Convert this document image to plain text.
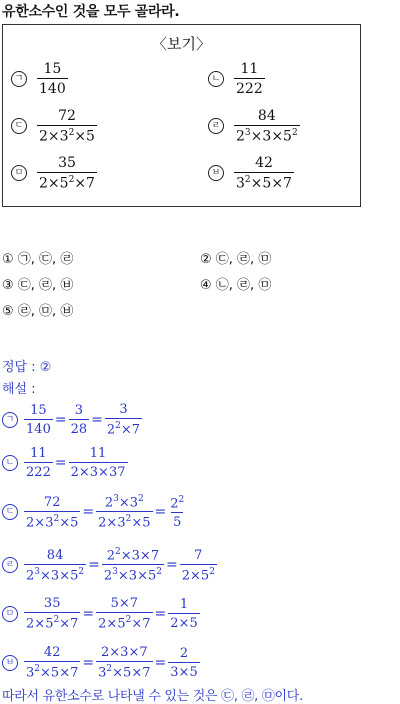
유한소수인 것을 모두 골라라.
〈보기〉
ㄱ $\frac{15}{140}$	ㄴ $\frac{11}{222}$
ㄷ $\frac{72}{2\times 3^2\times 5}$	ㄹ $\frac{84}{2^3\times 3\times 5^2}$
ㅁ $\frac{35}{2\times 5^2\times 7}$	ㅂ $\frac{42}{3^2\times 5\times 7}$
① ㉠, ㉢, ㉣	② ㉢, ㉣, ㉤
③ ㉢, ㉣, ㉥	④ ㉡, ㉣, ㉤
⑤ ㉣, ㉤, ㉥
정답 : ②
해설 :
ㄱ $\frac{15}{140} = \frac{3}{28} = \frac{3}{2^2\times 7}$
ㄴ $\frac{11}{222} = \frac{11}{2\times 3\times 37}$
ㄷ $\frac{72}{2\times 3^2\times 5} = \frac{2^3\times 3^2}{2\times 3^2\times 5} = \frac{2^2}{5}$
ㄹ $\frac{84}{2^3\times 3\times 5^2} = \frac{2^2\times 3\times 7}{2^3\times 3\times 5^2} = \frac{7}{2\times 5^2}$
ㅁ $\frac{35}{2\times 5^2\times 7} = \frac{5\times 7}{2\times 5^2\times 7} = \frac{1}{2\times 5}$
ㅂ $\frac{42}{3^2\times 5\times 7} = \frac{2\times 3\times 7}{3^2\times 5\times 7} = \frac{2}{3\times 5}$
따라서 유한소수로 나타낼 수 있는 것은 ㉢, ㉣, ㉤이다.
